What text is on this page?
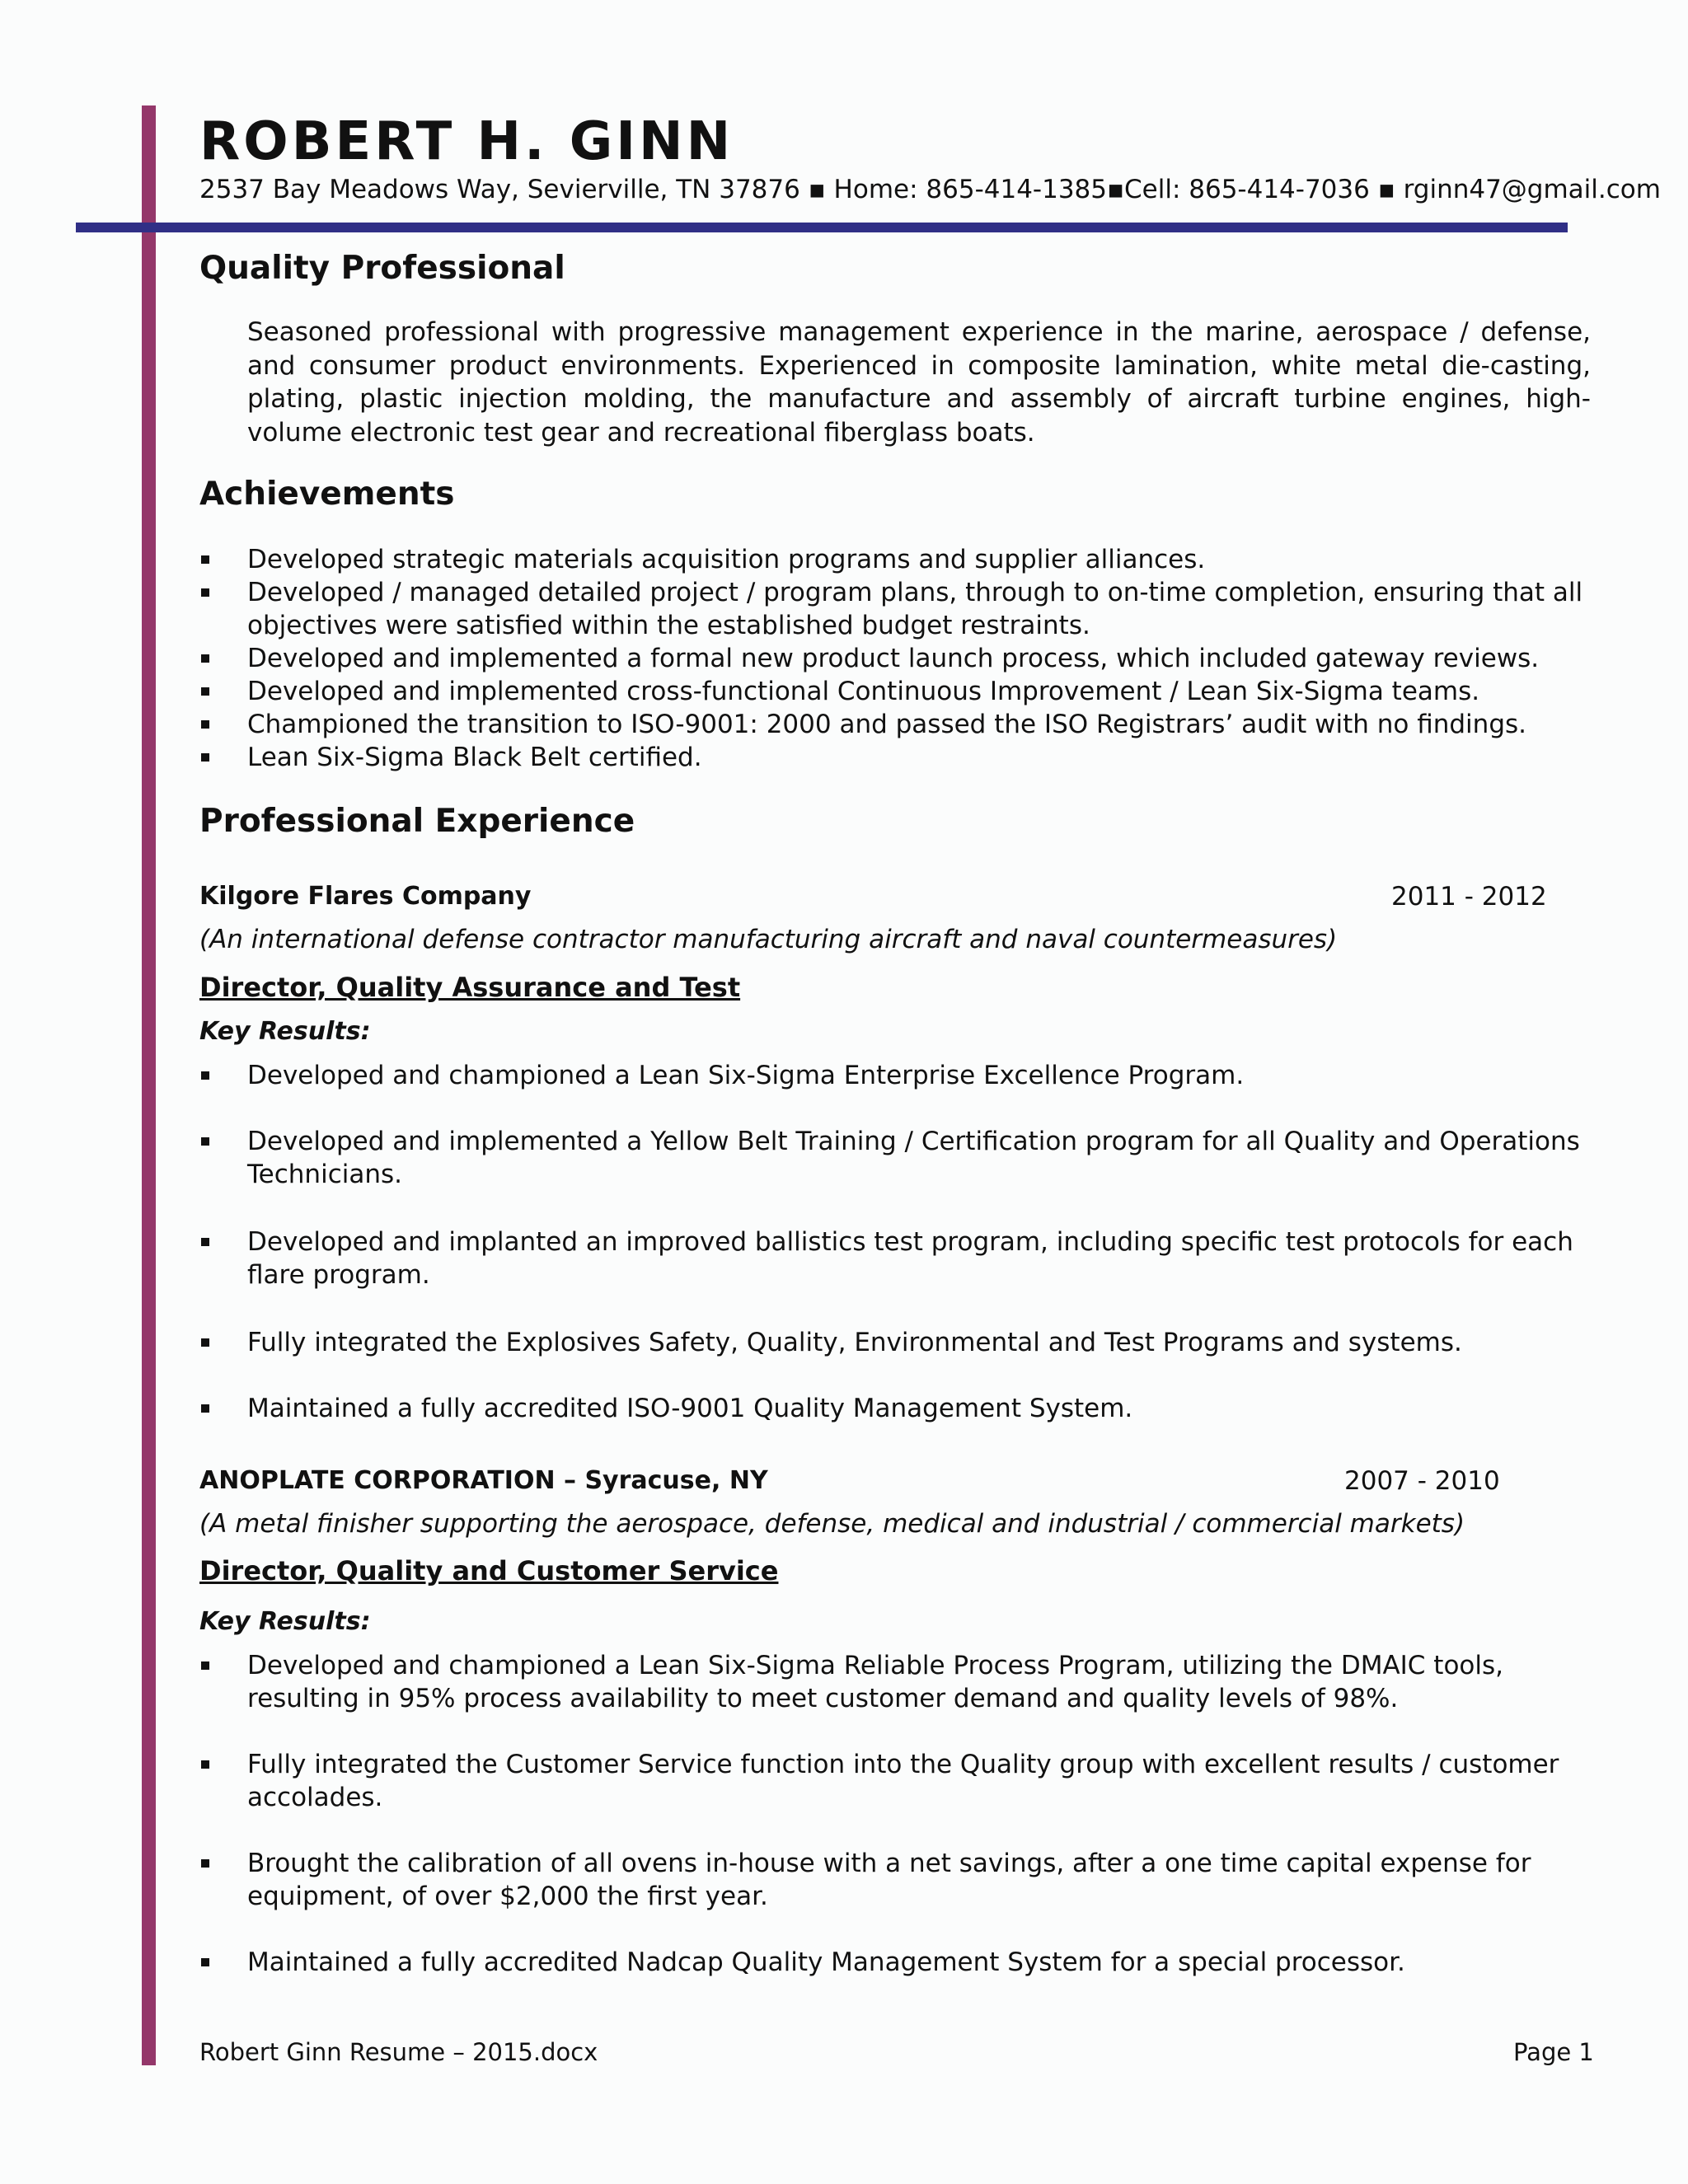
ROBERT H. GINN
2537 Bay Meadows Way, Sevierville, TN 37876 ▪ Home: 865-414-1385▪Cell: 865-414-7036 ▪ rginn47@gmail.com
Quality Professional
Seasoned professional with progressive management experience in the marine, aerospace / defense, and consumer product environments. Experienced in composite lamination, white metal die-casting, plating, plastic injection molding, the manufacture and assembly of aircraft turbine engines, high-volume electronic test gear and recreational fiberglass boats.
Achievements
Developed strategic materials acquisition programs and supplier alliances.
Developed / managed detailed project / program plans, through to on-time completion, ensuring that all objectives were satisfied within the established budget restraints.
Developed and implemented a formal new product launch process, which included gateway reviews.
Developed and implemented cross-functional Continuous Improvement / Lean Six-Sigma teams.
Championed the transition to ISO-9001: 2000 and passed the ISO Registrars’ audit with no findings.
Lean Six-Sigma Black Belt certified.
Professional Experience
Kilgore Flares Company	2011 - 2012
(An international defense contractor manufacturing aircraft and naval countermeasures)
Director, Quality Assurance and Test
Key Results:
Developed and championed a Lean Six-Sigma Enterprise Excellence Program.
Developed and implemented a Yellow Belt Training / Certification program for all Quality and Operations Technicians.
Developed and implanted an improved ballistics test program, including specific test protocols for each flare program.
Fully integrated the Explosives Safety, Quality, Environmental and Test Programs and systems.
Maintained a fully accredited ISO-9001 Quality Management System.
ANOPLATE CORPORATION – Syracuse, NY	2007 - 2010
(A metal finisher supporting the aerospace, defense, medical and industrial / commercial markets)
Director, Quality and Customer Service
Key Results:
Developed and championed a Lean Six-Sigma Reliable Process Program, utilizing the DMAIC tools, resulting in 95% process availability to meet customer demand and quality levels of 98%.
Fully integrated the Customer Service function into the Quality group with excellent results / customer accolades.
Brought the calibration of all ovens in-house with a net savings, after a one time capital expense for equipment, of over $2,000 the first year.
Maintained a fully accredited Nadcap Quality Management System for a special processor.
Robert Ginn Resume – 2015.docx	Page 1
